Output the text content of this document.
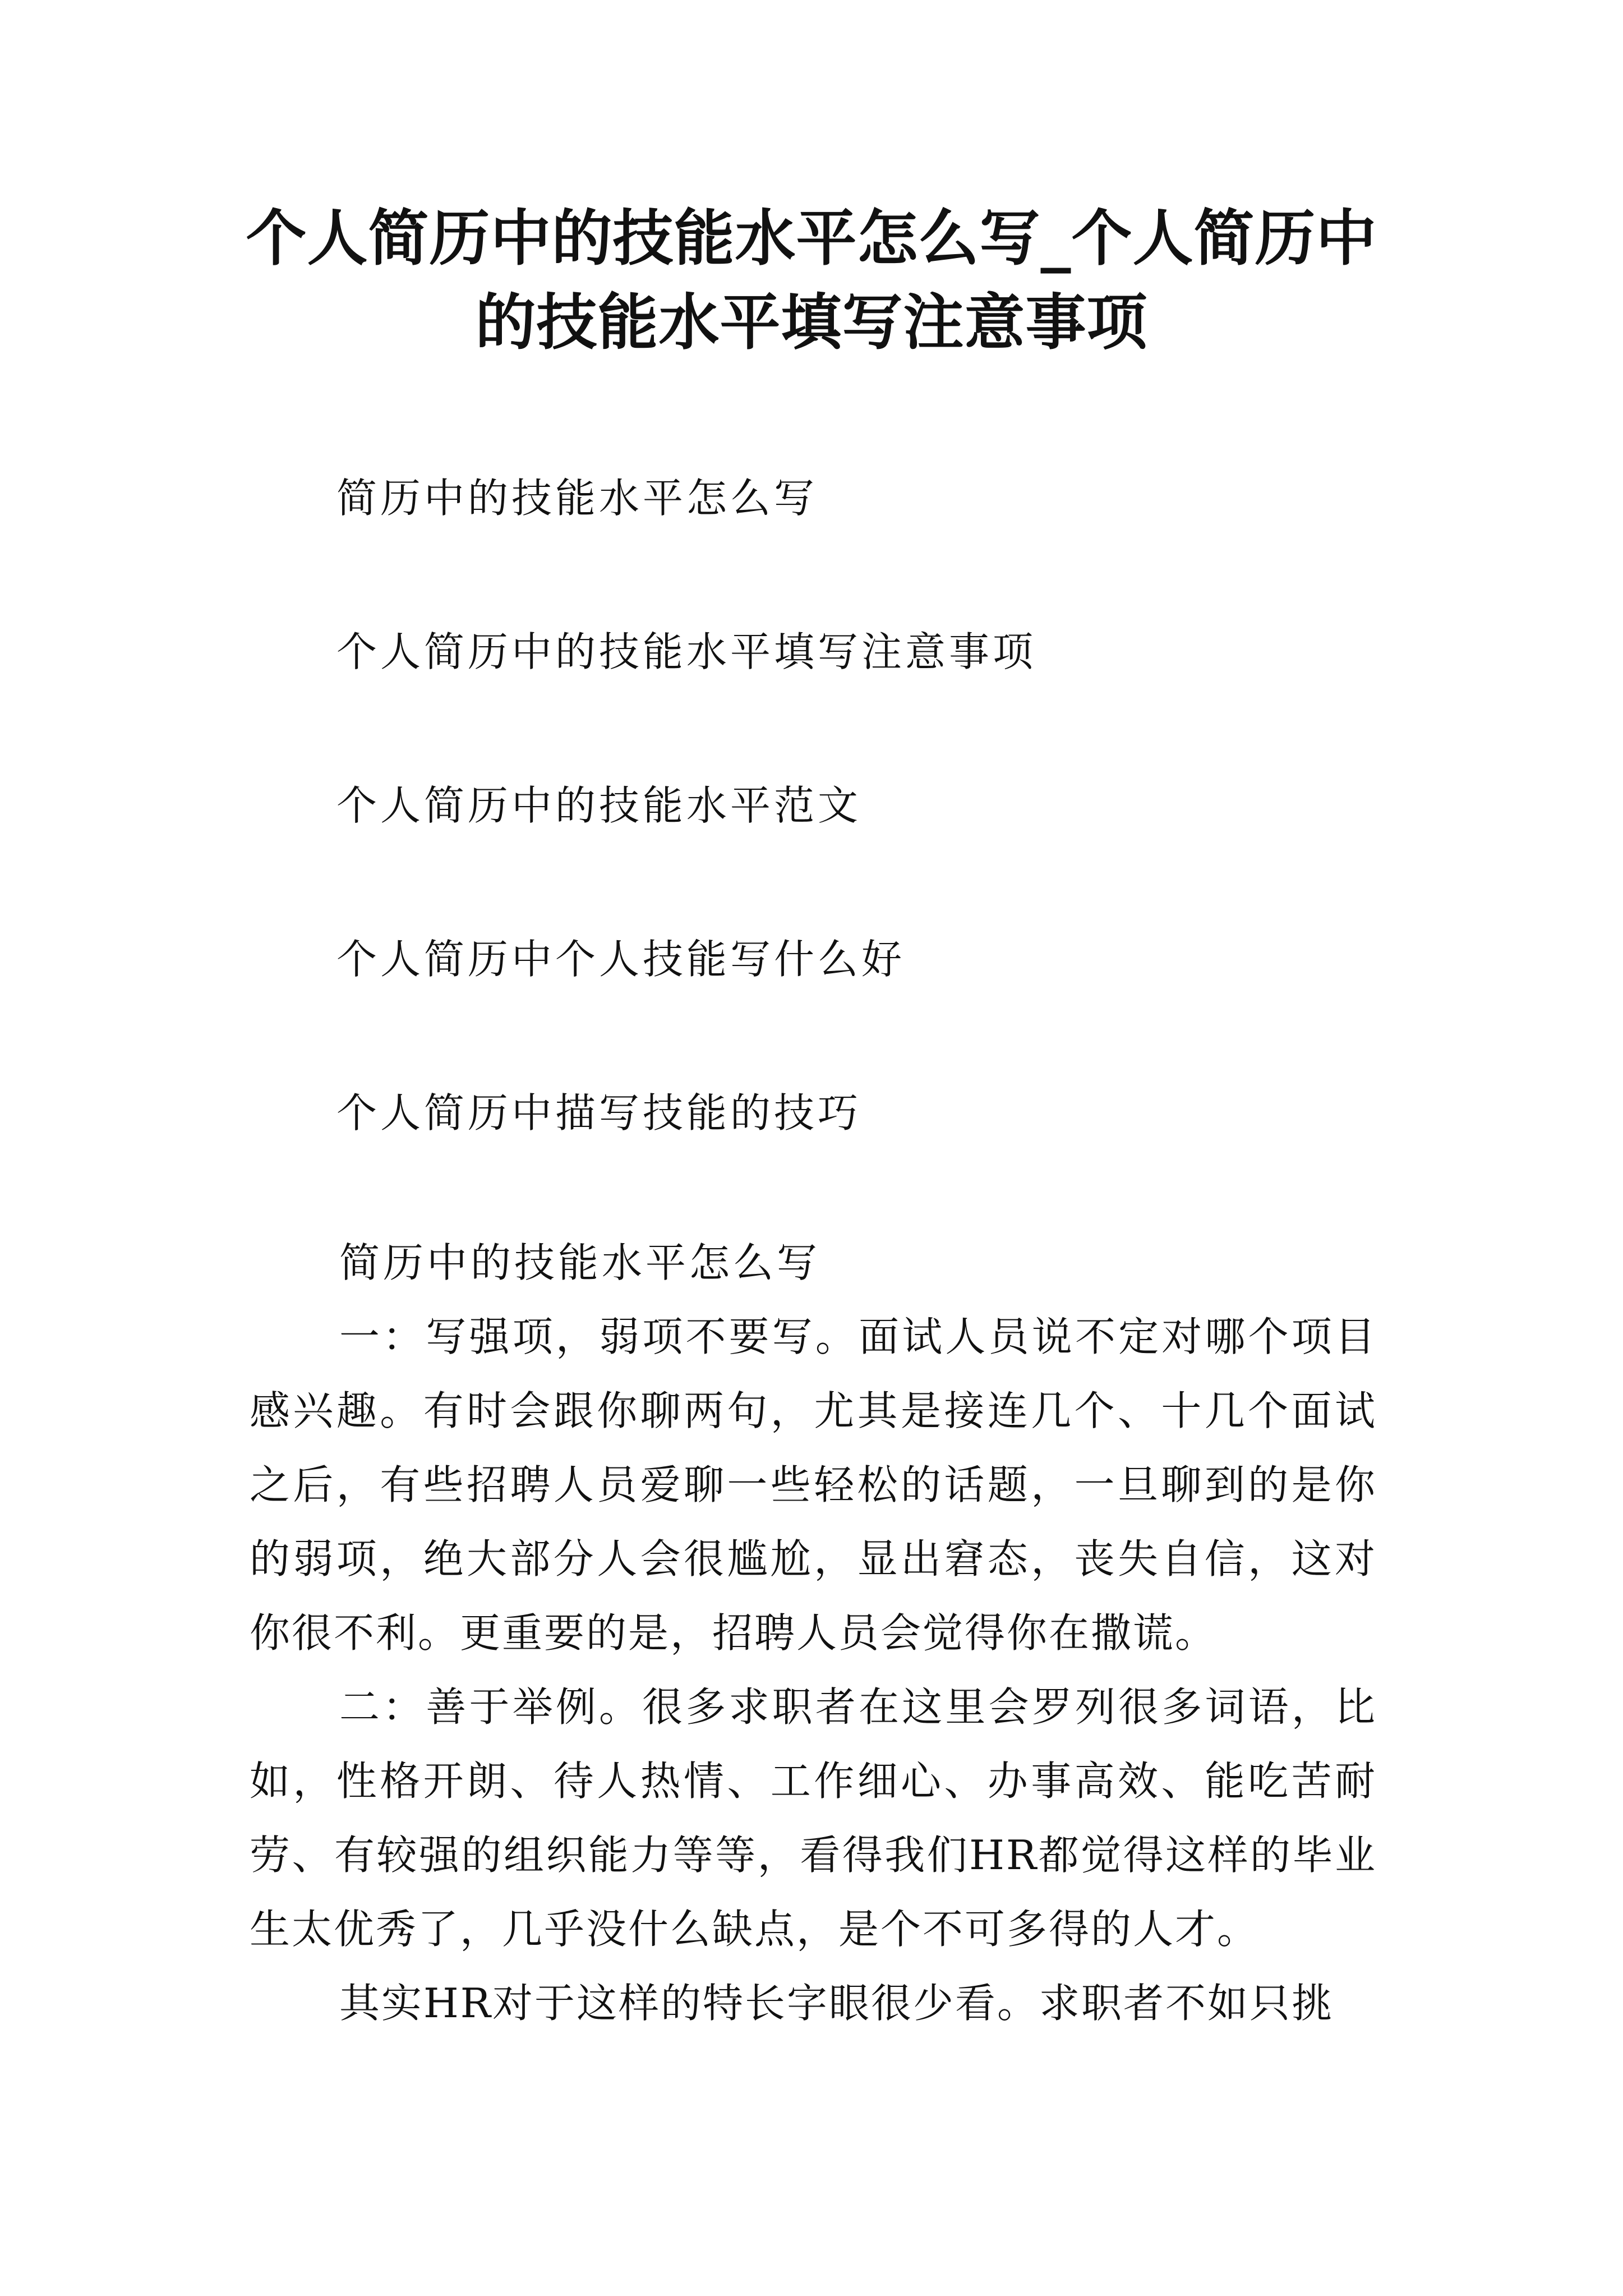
个人简历中的技能水平怎么写_个人简历中的技能水平填写注意事项
简历中的技能水平怎么写
个人简历中的技能水平填写注意事项
个人简历中的技能水平范文
个人简历中个人技能写什么好
个人简历中描写技能的技巧

简历中的技能水平怎么写

一：写强项，弱项不要写。面试人员说不定对哪个项目感兴趣。有时会跟你聊两句，尤其是接连几个、十几个面试之后，有些招聘人员爱聊一些轻松的话题，一旦聊到的是你的弱项，绝大部分人会很尴尬，显出窘态，丧失自信，这对你很不利。更重要的是，招聘人员会觉得你在撒谎。

二：善于举例。很多求职者在这里会罗列很多词语，比如，性格开朗、待人热情、工作细心、办事高效、能吃苦耐劳、有较强的组织能力等等，看得我们HR都觉得这样的毕业生太优秀了，几乎没什么缺点，是个不可多得的人才。

其实HR对于这样的特长字眼很少看。求职者不如只挑
